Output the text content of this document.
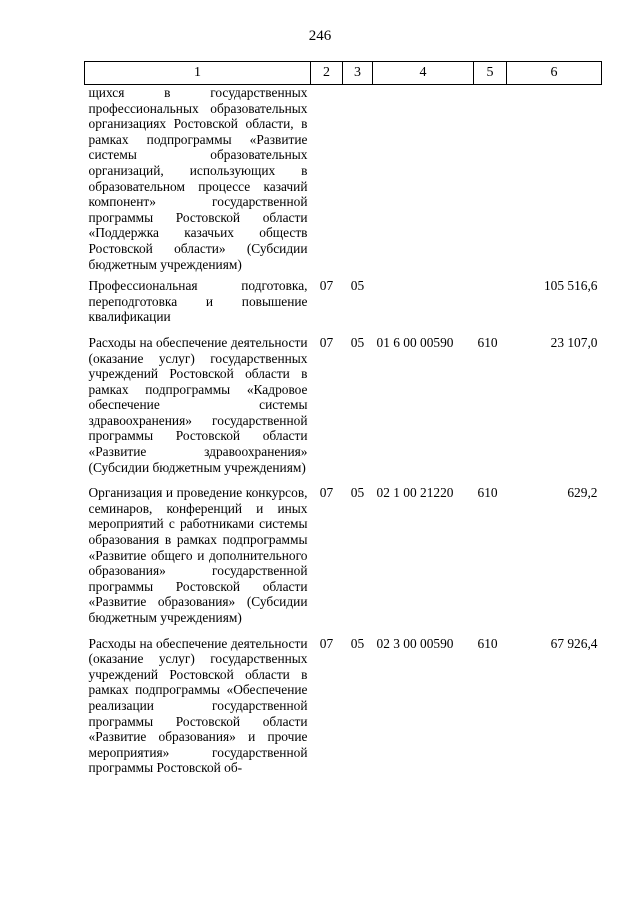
246
1	2	3	4	5	6
щихся в государственных профессиональных образовательных организациях Ростовской области, в рамках подпрограммы «Развитие системы образовательных организаций, использующих в образовательном процессе казачий компонент» государственной программы Ростовской области «Поддержка казачьих обществ Ростовской области» (Субсидии бюджетным учреждениям)					
Профессиональная подготовка, переподготовка и повышение квалификации	07	05			105 516,6
Расходы на обеспечение деятельности (оказание услуг) государственных учреждений Ростовской области в рамках подпрограммы «Кадровое обеспечение системы здравоохранения» государственной программы Ростовской области «Развитие здравоохранения» (Субсидии бюджетным учреждениям)	07	05	01 6 00 00590	610	23 107,0
Организация и проведение конкурсов, семинаров, конференций и иных мероприятий с работниками системы образования в рамках подпрограммы «Развитие общего и дополнительного образования» государственной программы Ростовской области «Развитие образования» (Субсидии бюджетным учреждениям)	07	05	02 1 00 21220	610	629,2
Расходы на обеспечение деятельности (оказание услуг) государственных учреждений Ростовской области в рамках подпрограммы «Обеспечение реализации государственной программы Ростовской области «Развитие образования» и прочие мероприятия» государственной программы Ростовской об-	07	05	02 3 00 00590	610	67 926,4
